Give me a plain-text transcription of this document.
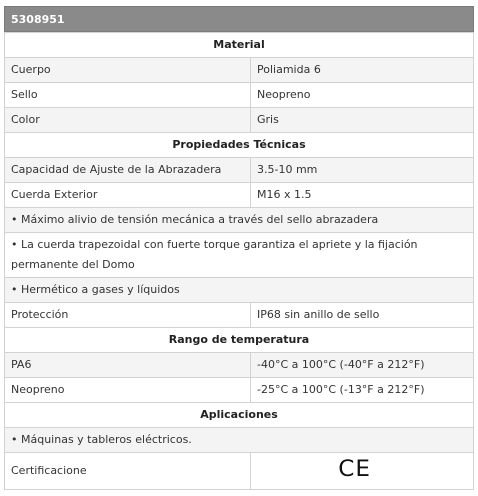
5308951
Material	
Cuerpo	Poliamida 6
Sello	Neopreno
Color	Gris
Propiedades Técnicas	
Capacidad de Ajuste de la Abrazadera	3.5-10 mm
Cuerda Exterior	M16 x 1.5
• Máximo alivio de tensión mecánica a través del sello abrazadera	
• La cuerda trapezoidal con fuerte torque garantiza el apriete y la fijación permanente del Domo	
• Hermético a gases y líquidos	
Protección	IP68 sin anillo de sello
Rango de temperatura	
PA6	-40°C a 100°C (-40°F a 212°F)
Neopreno	-25°C a 100°C (-13°F a 212°F)
Aplicaciones	
• Máquinas y tableros eléctricos.	
Certificacione	CE
